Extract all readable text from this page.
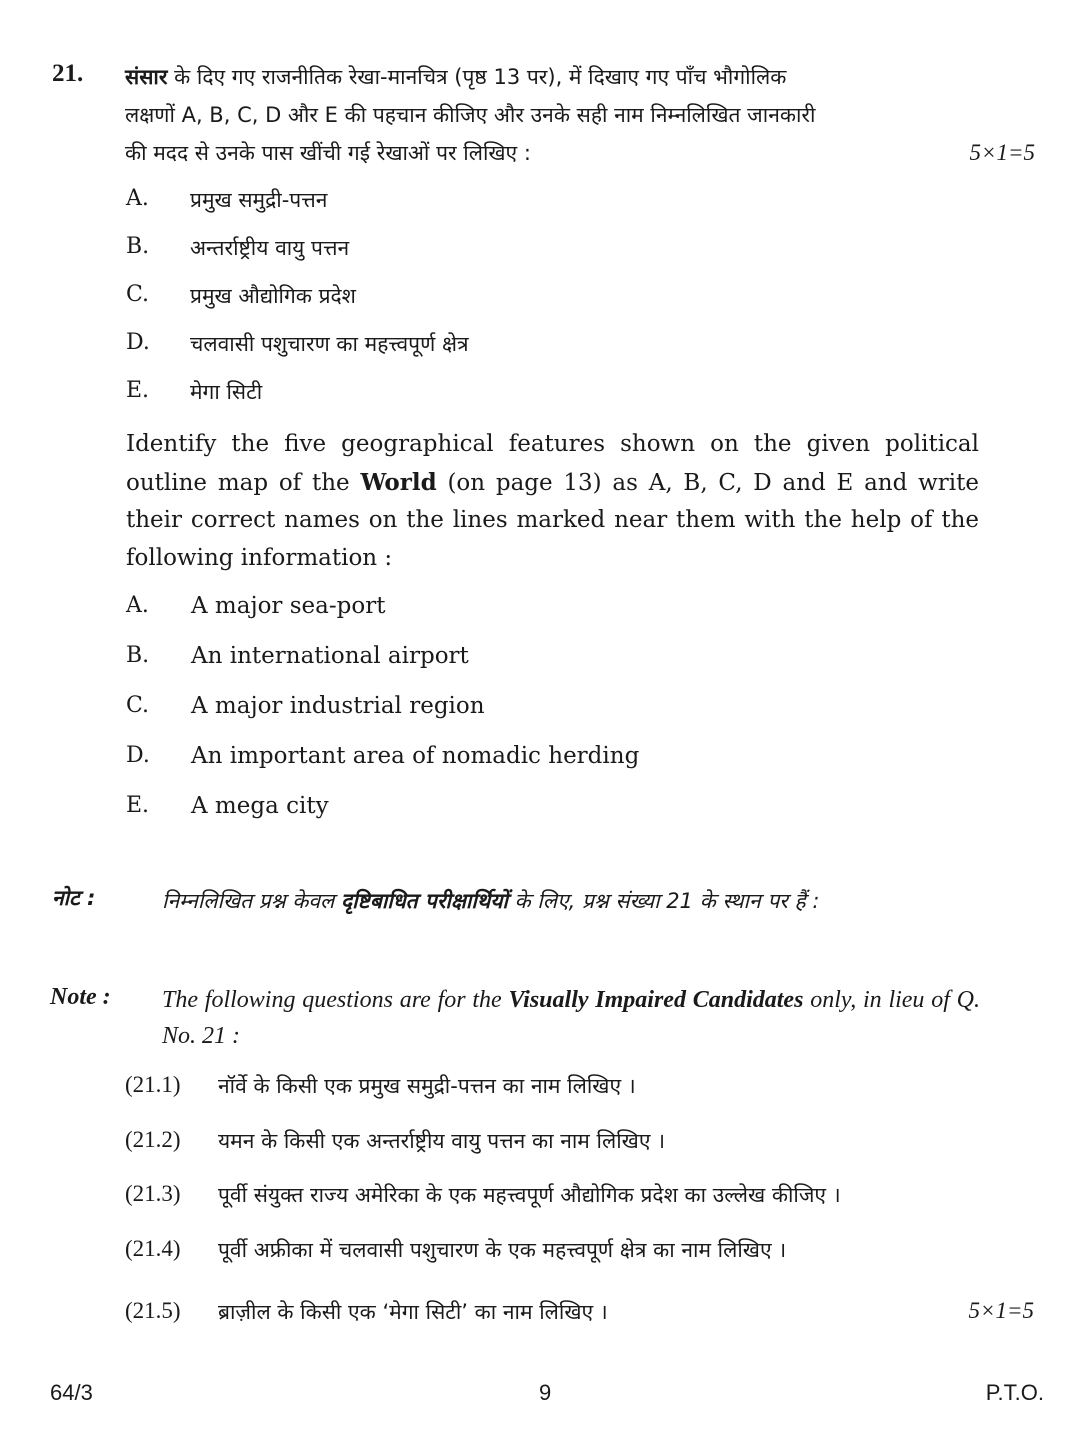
21. संसार के दिए गए राजनीतिक रेखा-मानचित्र (पृष्ठ 13 पर), में दिखाए गए पाँच भौगोलिक
लक्षणों A, B, C, D और E की पहचान कीजिए और उनके सही नाम निम्नलिखित जानकारी
की मदद से उनके पास खींची गई रेखाओं पर लिखिए :	5×1=5
A. प्रमुख समुद्री-पत्तन
B. अन्तर्राष्ट्रीय वायु पत्तन
C. प्रमुख औद्योगिक प्रदेश
D. चलवासी पशुचारण का महत्त्वपूर्ण क्षेत्र
E. मेगा सिटी
Identify the five geographical features shown on the given political outline map of the World (on page 13) as A, B, C, D and E and write their correct names on the lines marked near them with the help of the following information :
A. A major sea-port
B. An international airport
C. A major industrial region
D. An important area of nomadic herding
E. A mega city
नोट :	निम्नलिखित प्रश्न केवल दृष्टिबाधित परीक्षार्थियों के लिए, प्रश्न संख्या 21 के स्थान पर हैं :
Note : The following questions are for the Visually Impaired Candidates only, in lieu of Q. No. 21 :
(21.1) नॉर्वे के किसी एक प्रमुख समुद्री-पत्तन का नाम लिखिए ।
(21.2) यमन के किसी एक अन्तर्राष्ट्रीय वायु पत्तन का नाम लिखिए ।
(21.3) पूर्वी संयुक्त राज्य अमेरिका के एक महत्त्वपूर्ण औद्योगिक प्रदेश का उल्लेख कीजिए ।
(21.4) पूर्वी अफ्रीका में चलवासी पशुचारण के एक महत्त्वपूर्ण क्षेत्र का नाम लिखिए ।
(21.5) ब्राज़ील के किसी एक ‘मेगा सिटी’ का नाम लिखिए ।	5×1=5
64/3	9	P.T.O.
